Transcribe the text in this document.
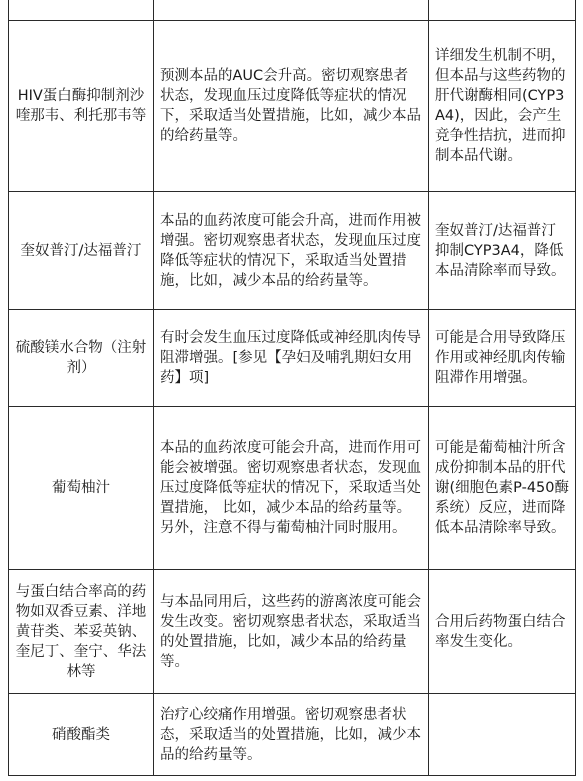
HIV蛋白酶抑制剂沙喹那韦、利托那韦等	预测本品的AUC会升高。密切观察患者状态，发现血压过度降低等症状的情况下，采取适当处置措施，比如，减少本品的给药量等。	详细发生机制不明，但本品与这些药物的肝代谢酶相同(CYP3A4)，因此，会产生竞争性拮抗，进而抑制本品代谢。
奎奴普汀/达福普汀	本品的血药浓度可能会升高，进而作用被增强。密切观察患者状态，发现血压过度降低等症状的情况下，采取适当处置措施，比如，减少本品的给药量等。	奎奴普汀/达福普汀抑制CYP3A4，降低本品清除率而导致。
硫酸镁水合物（注射剂）	有时会发生血压过度降低或神经肌肉传导阻滞增强。[参见【孕妇及哺乳期妇女用药】项]	可能是合用导致降压作用或神经肌肉传输阻滞作用增强。
葡萄柚汁	本品的血药浓度可能会升高，进而作用可能会被增强。密切观察患者状态，发现血压过度降低等症状的情况下，采取适当处置措施， 比如，减少本品的给药量等。另外，注意不得与葡萄柚汁同时服用。	可能是葡萄柚汁所含成份抑制本品的肝代谢(细胞色素P-450酶系统）反应，进而降低本品清除率导致。
与蛋白结合率高的药物如双香豆素、洋地黄苷类、苯妥英钠、奎尼丁、奎宁、华法林等	与本品同用后，这些药的游离浓度可能会发生改变。密切观察患者状态，采取适当的处置措施，比如，减少本品的给药量等。	合用后药物蛋白结合率发生变化。
硝酸酯类	治疗心绞痛作用增强。密切观察患者状态，采取适当的处置措施，比如，减少本品的给药量等。	
